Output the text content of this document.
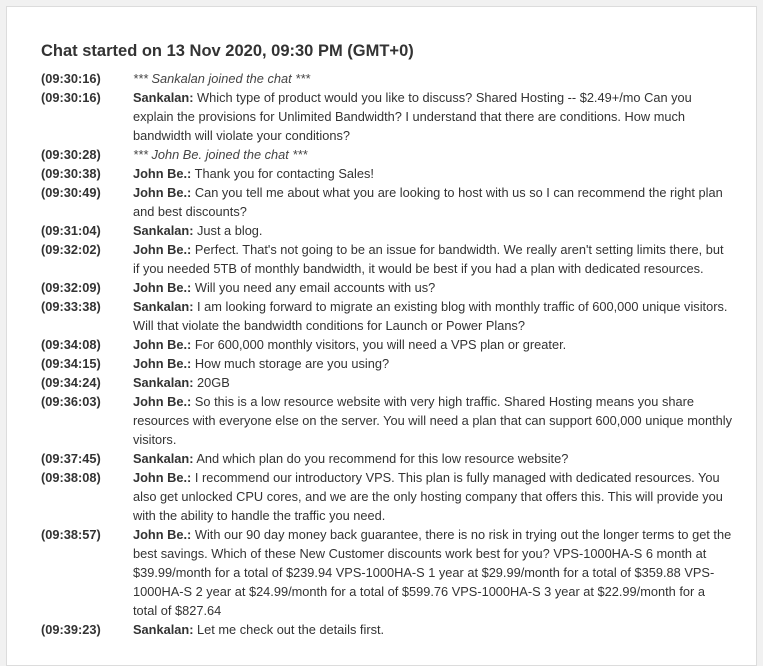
Chat started on 13 Nov 2020, 09:30 PM (GMT+0)
(09:30:16)	*** Sankalan joined the chat ***
(09:30:16)	Sankalan: Which type of product would you like to discuss? Shared Hosting -- $2.49+/mo Can you explain the provisions for Unlimited Bandwidth? I understand that there are conditions. How much bandwidth will violate your conditions?
(09:30:28)	*** John Be. joined the chat ***
(09:30:38)	John Be.: Thank you for contacting Sales!
(09:30:49)	John Be.: Can you tell me about what you are looking to host with us so I can recommend the right plan and best discounts?
(09:31:04)	Sankalan: Just a blog.
(09:32:02)	John Be.: Perfect. That's not going to be an issue for bandwidth. We really aren't setting limits there, but if you needed 5TB of monthly bandwidth, it would be best if you had a plan with dedicated resources.
(09:32:09)	John Be.: Will you need any email accounts with us?
(09:33:38)	Sankalan: I am looking forward to migrate an existing blog with monthly traffic of 600,000 unique visitors. Will that violate the bandwidth conditions for Launch or Power Plans?
(09:34:08)	John Be.: For 600,000 monthly visitors, you will need a VPS plan or greater.
(09:34:15)	John Be.: How much storage are you using?
(09:34:24)	Sankalan: 20GB
(09:36:03)	John Be.: So this is a low resource website with very high traffic. Shared Hosting means you share resources with everyone else on the server. You will need a plan that can support 600,000 unique monthly visitors.
(09:37:45)	Sankalan: And which plan do you recommend for this low resource website?
(09:38:08)	John Be.: I recommend our introductory VPS. This plan is fully managed with dedicated resources. You also get unlocked CPU cores, and we are the only hosting company that offers this. This will provide you with the ability to handle the traffic you need.
(09:38:57)	John Be.: With our 90 day money back guarantee, there is no risk in trying out the longer terms to get the best savings. Which of these New Customer discounts work best for you? VPS-1000HA-S 6 month at $39.99/month for a total of $239.94 VPS-1000HA-S 1 year at $29.99/month for a total of $359.88 VPS-1000HA-S 2 year at $24.99/month for a total of $599.76 VPS-1000HA-S 3 year at $22.99/month for a total of $827.64
(09:39:23)	Sankalan: Let me check out the details first.
